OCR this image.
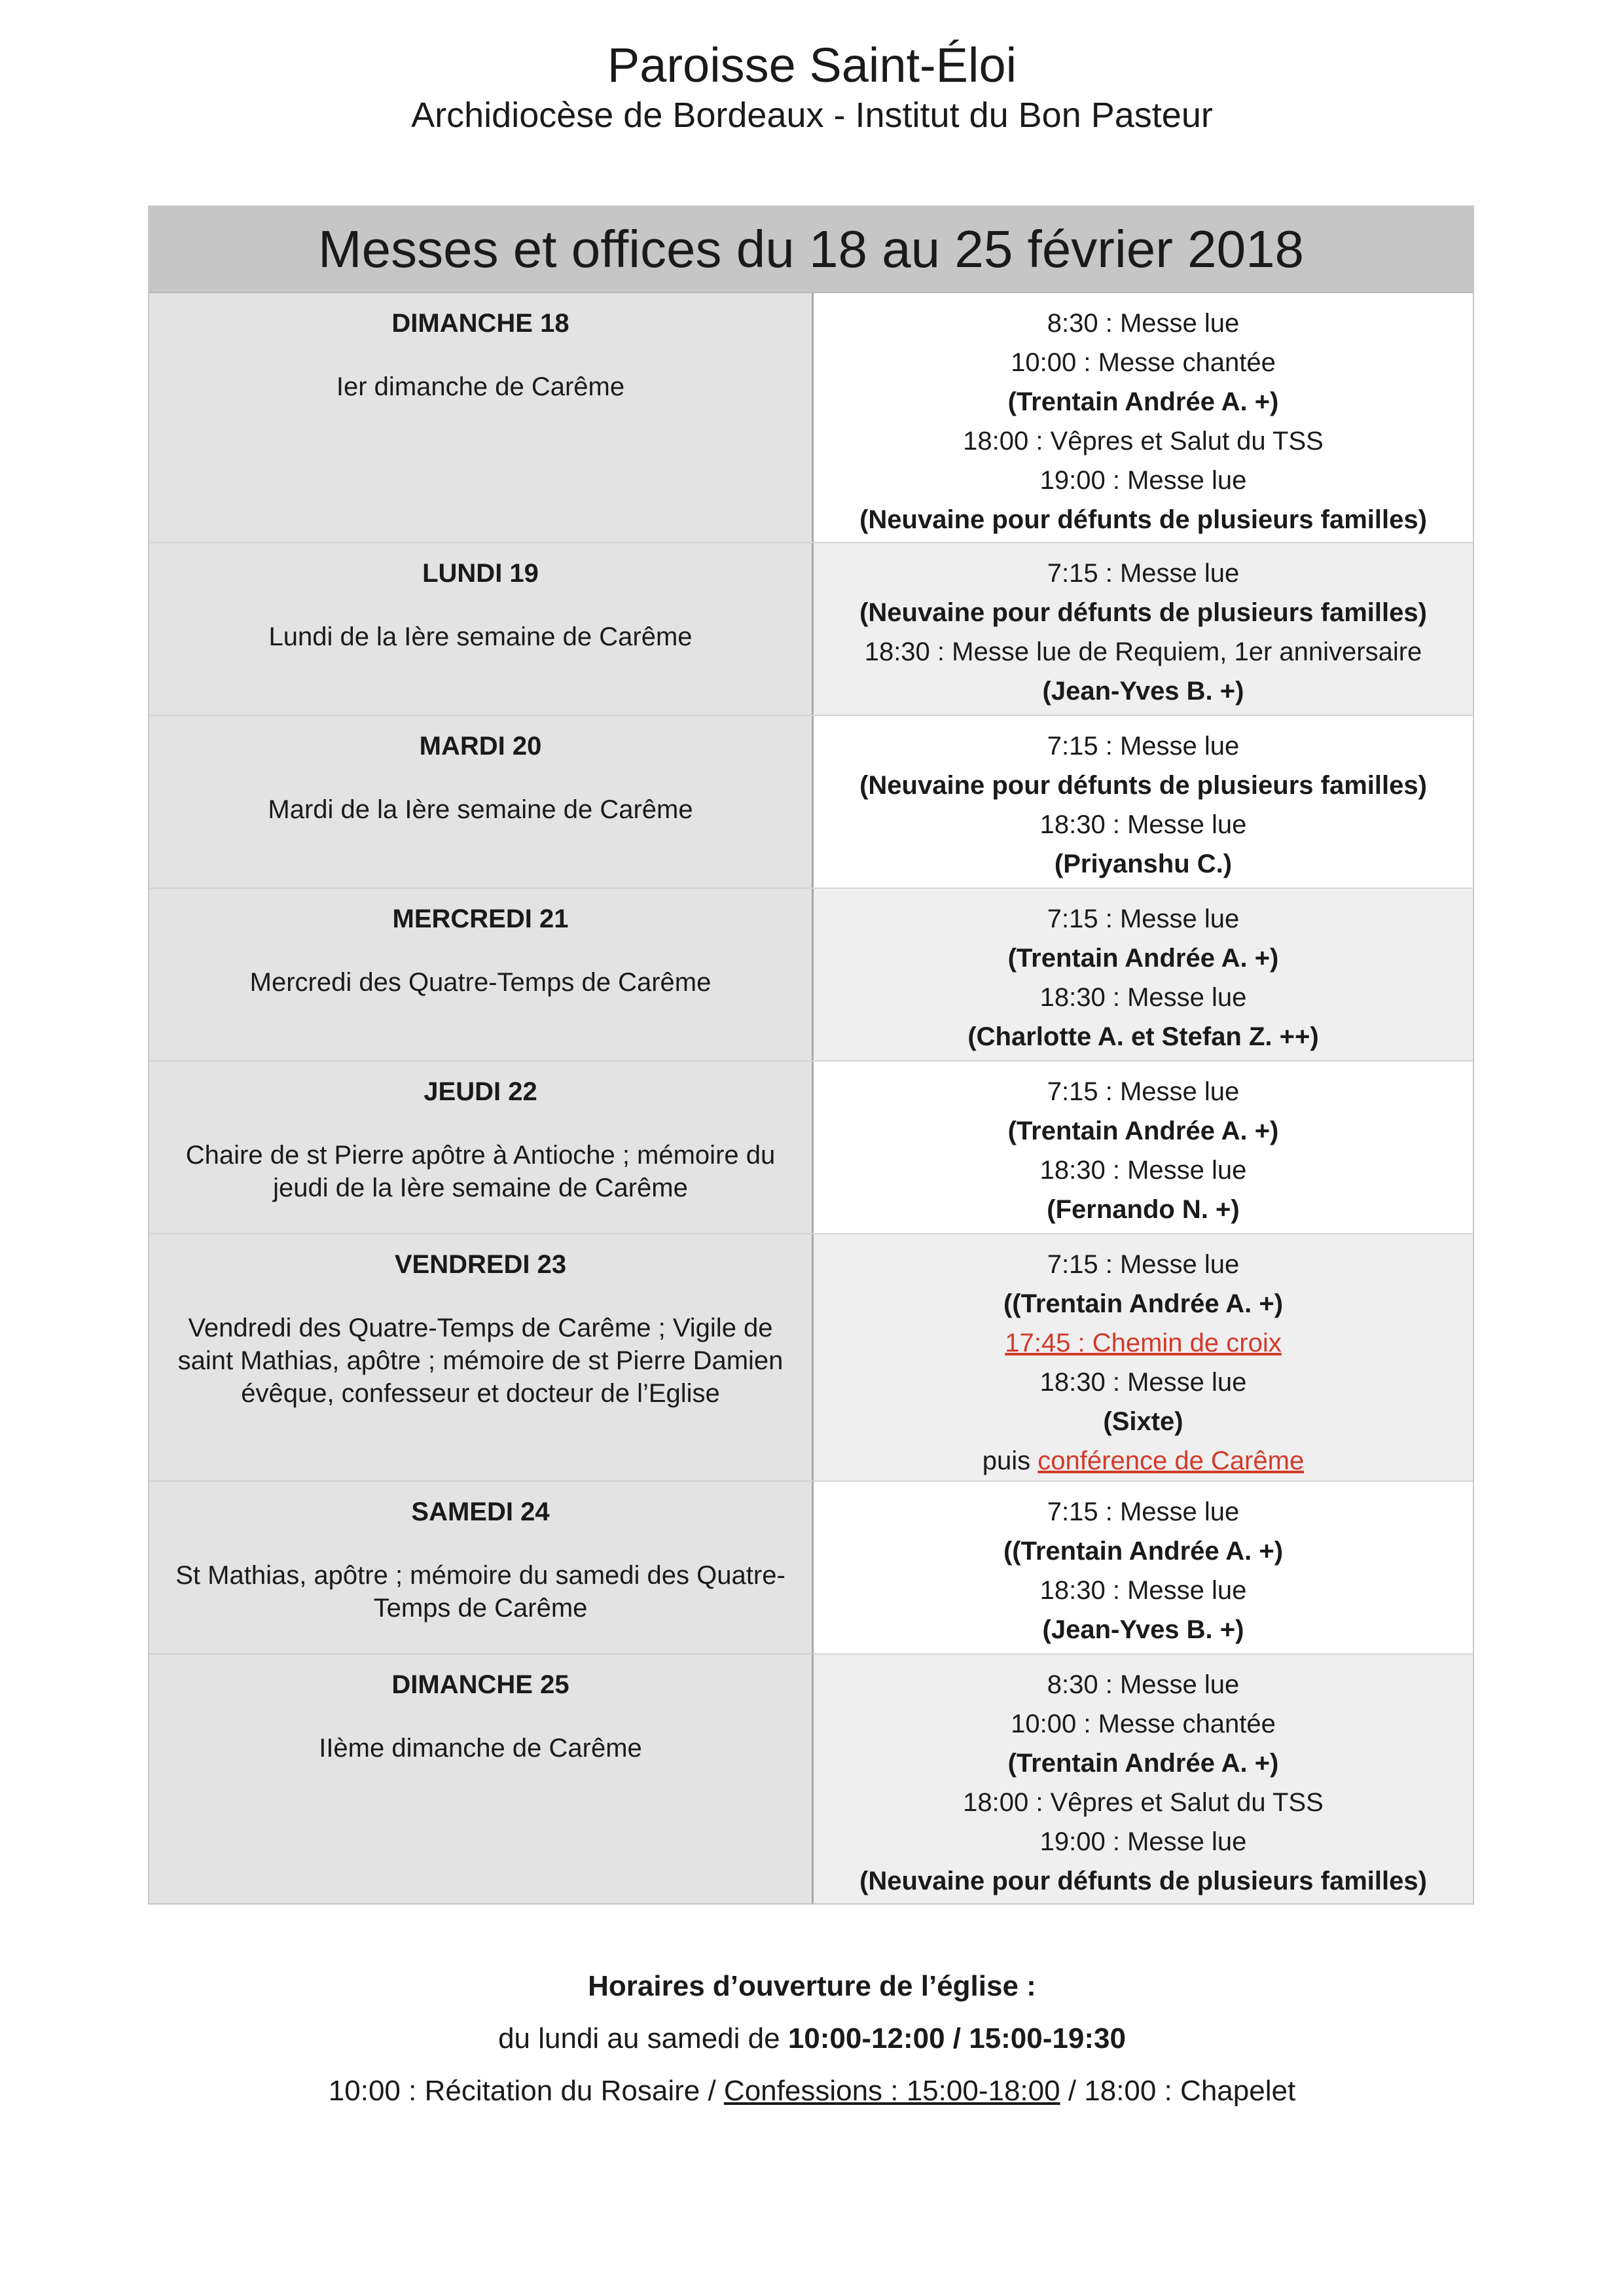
Paroisse Saint-Éloi
Archidiocèse de Bordeaux - Institut du Bon Pasteur
Messes et offices du 18 au 25 février 2018
DIMANCHE 18
Ier dimanche de Carême
8:30 : Messe lue
10:00 : Messe chantée
(Trentain Andrée A. +)
18:00 : Vêpres et Salut du TSS
19:00 : Messe lue
(Neuvaine pour défunts de plusieurs familles)
LUNDI 19
Lundi de la Ière semaine de Carême
7:15 : Messe lue
(Neuvaine pour défunts de plusieurs familles)
18:30 : Messe lue de Requiem, 1er anniversaire
(Jean-Yves B. +)
MARDI 20
Mardi de la Ière semaine de Carême
7:15 : Messe lue
(Neuvaine pour défunts de plusieurs familles)
18:30 : Messe lue
(Priyanshu C.)
MERCREDI 21
Mercredi des Quatre-Temps de Carême
7:15 : Messe lue
(Trentain Andrée A. +)
18:30 : Messe lue
(Charlotte A. et Stefan Z. ++)
JEUDI 22
Chaire de st Pierre apôtre à Antioche ; mémoire du jeudi de la Ière semaine de Carême
7:15 : Messe lue
(Trentain Andrée A. +)
18:30 : Messe lue
(Fernando N. +)
VENDREDI 23
Vendredi des Quatre-Temps de Carême ; Vigile de saint Mathias, apôtre ; mémoire de st Pierre Damien évêque, confesseur et docteur de l’Eglise
7:15 : Messe lue
((Trentain Andrée A. +)
17:45 : Chemin de croix
18:30 : Messe lue
(Sixte)
puis conférence de Carême
SAMEDI 24
St Mathias, apôtre ; mémoire du samedi des Quatre-Temps de Carême
7:15 : Messe lue
((Trentain Andrée A. +)
18:30 : Messe lue
(Jean-Yves B. +)
DIMANCHE 25
IIème dimanche de Carême
8:30 : Messe lue
10:00 : Messe chantée
(Trentain Andrée A. +)
18:00 : Vêpres et Salut du TSS
19:00 : Messe lue
(Neuvaine pour défunts de plusieurs familles)
Horaires d’ouverture de l’église :
du lundi au samedi de 10:00-12:00 / 15:00-19:30
10:00 : Récitation du Rosaire / Confessions : 15:00-18:00 / 18:00 : Chapelet
